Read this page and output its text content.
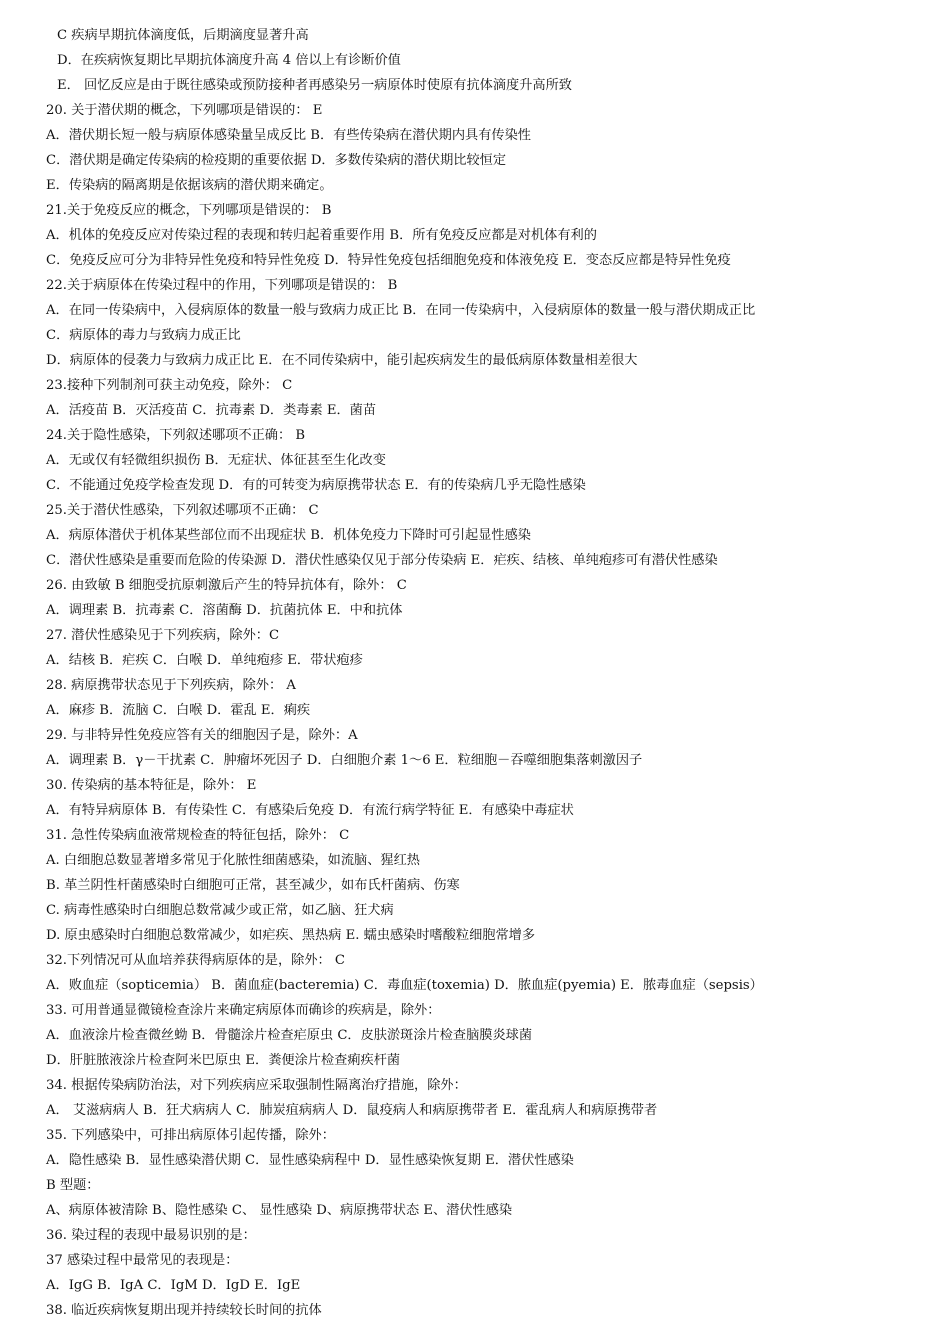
C 疾病早期抗体滴度低，后期滴度显著升高
D．在疾病恢复期比早期抗体滴度升高 4 倍以上有诊断价值
E． 回忆反应是由于既往感染或预防接种者再感染另一病原体时使原有抗体滴度升高所致
20. 关于潜伏期的概念，下列哪项是错误的： E
A．潜伏期长短一般与病原体感染量呈成反比 B．有些传染病在潜伏期内具有传染性
C．潜伏期是确定传染病的检疫期的重要依据 D．多数传染病的潜伏期比较恒定
E．传染病的隔离期是依据该病的潜伏期来确定。
21.关于免疫反应的概念，下列哪项是错误的： B
A．机体的免疫反应对传染过程的表现和转归起着重要作用 B．所有免疫反应都是对机体有利的
C．免疫反应可分为非特异性免疫和特异性免疫 D．特异性免疫包括细胞免疫和体液免疫 E．变态反应都是特异性免疫
22.关于病原体在传染过程中的作用，下列哪项是错误的： B
A．在同一传染病中，入侵病原体的数量一般与致病力成正比 B．在同一传染病中，入侵病原体的数量一般与潜伏期成正比
C．病原体的毒力与致病力成正比
D．病原体的侵袭力与致病力成正比 E．在不同传染病中，能引起疾病发生的最低病原体数量相差很大
23.接种下列制剂可获主动免疫，除外： C
A．活疫苗 B．灭活疫苗 C．抗毒素 D．类毒素 E．菌苗
24.关于隐性感染，下列叙述哪项不正确： B
A．无或仅有轻微组织损伤 B．无症状、体征甚至生化改变
C．不能通过免疫学检查发现 D．有的可转变为病原携带状态 E．有的传染病几乎无隐性感染
25.关于潜伏性感染，下列叙述哪项不正确： C
A．病原体潜伏于机体某些部位而不出现症状 B．机体免疫力下降时可引起显性感染
C．潜伏性感染是重要而危险的传染源 D．潜伏性感染仅见于部分传染病 E．疟疾、结核、单纯疱疹可有潜伏性感染
26. 由致敏 B 细胞受抗原刺激后产生的特异抗体有，除外： C
A．调理素 B．抗毒素 C．溶菌酶 D．抗菌抗体 E．中和抗体
27. 潜伏性感染见于下列疾病，除外：C
A．结核 B．疟疾 C．白喉 D．单纯疱疹 E．带状疱疹
28. 病原携带状态见于下列疾病，除外： A
A．麻疹 B．流脑 C．白喉 D．霍乱 E．痢疾
29. 与非特异性免疫应答有关的细胞因子是，除外：A
A．调理素 B．γ－干扰素 C．肿瘤坏死因子 D．白细胞介素 1～6 E．粒细胞－吞噬细胞集落刺激因子
30. 传染病的基本特征是，除外： E
A．有特异病原体 B．有传染性 C．有感染后免疫 D．有流行病学特征 E．有感染中毒症状
31. 急性传染病血液常规检查的特征包括，除外： C
A. 白细胞总数显著增多常见于化脓性细菌感染，如流脑、猩红热
B. 革兰阴性杆菌感染时白细胞可正常，甚至减少，如布氏杆菌病、伤寒
C. 病毒性感染时白细胞总数常减少或正常，如乙脑、狂犬病
D. 原虫感染时白细胞总数常减少，如疟疾、黑热病 E. 蠕虫感染时嗜酸粒细胞常增多
A．败血症（sopticemia） B．菌血症(bacteremia) C．毒血症(toxemia) D．脓血症(pyemia) E．脓毒血症（sepsis）
32.下列情况可从血培养获得病原体的是，除外： C
33. 可用普通显微镜检查涂片来确定病原体而确诊的疾病是，除外：
A．血液涂片检查微丝蚴 B．骨髓涂片检查疟原虫 C．皮肤淤斑涂片检查脑膜炎球菌
D．肝脏脓液涂片检查阿米巴原虫 E．粪便涂片检查痢疾杆菌
34. 根据传染病防治法，对下列疾病应采取强制性隔离治疗措施，除外：
A． 艾滋病病人 B．狂犬病病人 C．肺炭疽病病人 D．鼠疫病人和病原携带者 E．霍乱病人和病原携带者
35. 下列感染中，可排出病原体引起传播，除外：
A．隐性感染 B．显性感染潜伏期 C．显性感染病程中 D．显性感染恢复期 E．潜伏性感染
B 型题：
A、病原体被清除 B、隐性感染 C、 显性感染 D、病原携带状态 E、潜伏性感染
36. 染过程的表现中最易识别的是：
37 感染过程中最常见的表现是：
A．IgG B．IgA C．IgM D．IgD E．IgE
38. 临近疾病恢复期出现并持续较长时间的抗体
